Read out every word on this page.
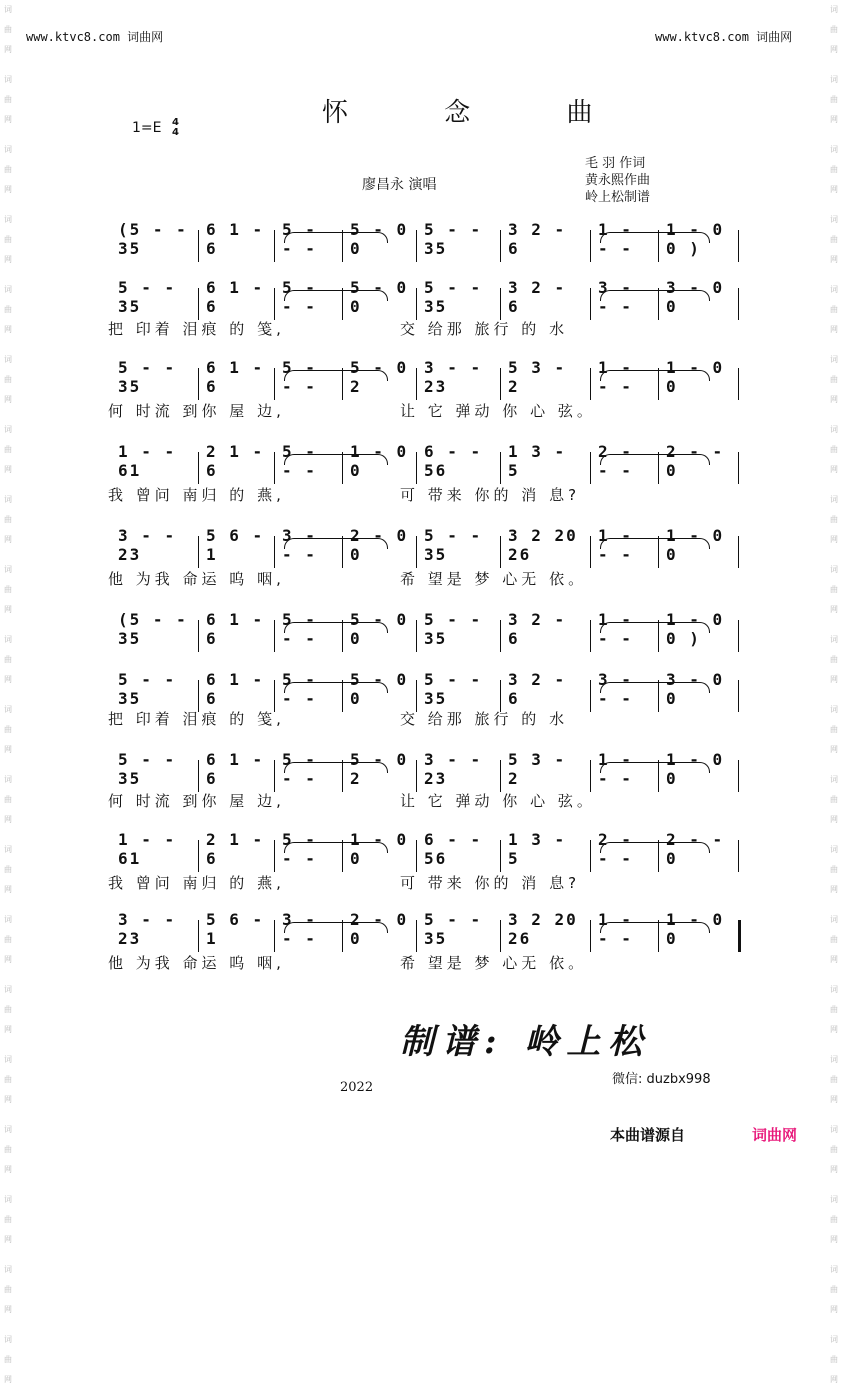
词
曲
网
词
曲
网
词
曲
网
词
曲
网
词
曲
网
词
曲
网
词
曲
网
词
曲
网
词
曲
网
词
曲
网
词
曲
网
词
曲
网
词
曲
网
词
曲
网
词
曲
网
词
曲
网
词
曲
网
词
曲
网
词
曲
网
词
曲
网
词
曲
网
词
曲
网
词
曲
网
词
曲
网
词
曲
网
词
曲
网
词
曲
网
词
曲
网
词
曲
网
词
曲
网
词
曲
网
词
曲
网
词
曲
网
词
曲
网
词
曲
网
词
曲
网
词
曲
网
词
曲
网
词
曲
网
词
曲
网
www.ktvc8.com 词曲网	www.ktvc8.com 词曲网
怀 念 曲
1=E 4
4
廖昌永 演唱
毛 羽 作词
黄永熙作曲
岭上松制谱
(5 - - 35
6 1 - 6
5 - - -
5 - 0 0
5 - - 35
3 2 - 6
1 - - -
1 - 0 0 )
5 - - 35
6 1 - 6
5 - - -
5 - 0 0
5 - - 35
3 2 - 6
3 - - -
3 - 0 0
把 印着 泪痕 的 笺,	交 给那 旅行 的 水
5 - - 35
6 1 - 6
5 - - -
5 - 0 2
3 - - 23
5 3 - 2
1 - - -
1 - 0 0
何 时流 到你 屋 边,	让 它 弹动 你 心 弦。
1 - - 61
2 1 - 6
5 - - -
1 - 0 0
6 - - 56
1 3 - 5
2 - - -
2 - - 0
我 曾问 南归 的 燕,	可 带来 你的 消 息?
3 - - 23
5 6 - 1
3 - - -
2 - 0 0
5 - - 35
3 2 20 26
1 - - -
1 - 0 0
他 为我 命运 呜 咽,	希 望是 梦 心无 依。
(5 - - 35
6 1 - 6
5 - - -
5 - 0 0
5 - - 35
3 2 - 6
1 - - -
1 - 0 0 )
5 - - 35
6 1 - 6
5 - - -
5 - 0 0
5 - - 35
3 2 - 6
3 - - -
3 - 0 0
把 印着 泪痕 的 笺,	交 给那 旅行 的 水
5 - - 35
6 1 - 6
5 - - -
5 - 0 2
3 - - 23
5 3 - 2
1 - - -
1 - 0 0
何 时流 到你 屋 边,	让 它 弹动 你 心 弦。
1 - - 61
2 1 - 6
5 - - -
1 - 0 0
6 - - 56
1 3 - 5
2 - - -
2 - - 0
我 曾问 南归 的 燕,	可 带来 你的 消 息?
3 - - 23
5 6 - 1
3 - - -
2 - 0 0
5 - - 35
3 2 20 26
1 - - -
1 - 0 0
他 为我 命运 呜 咽,	希 望是 梦 心无 依。
制谱: 岭上松
微信: duzbx998
2022
本曲谱源自	词曲网
